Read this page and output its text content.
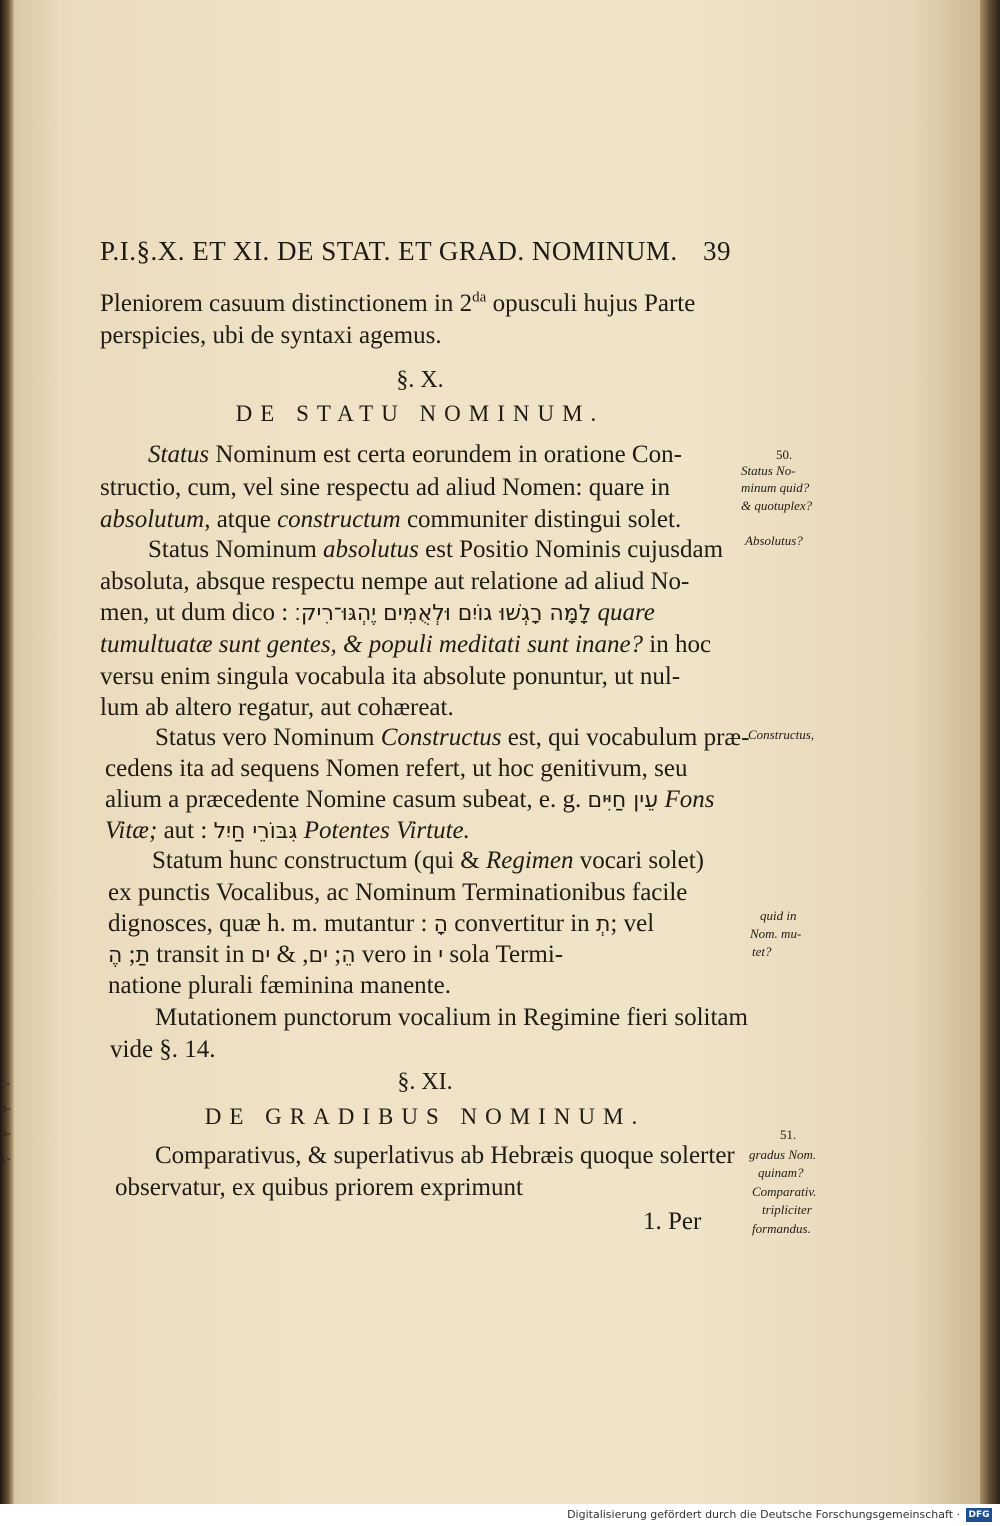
c-
b-
o-
x-
P.I.§.X. ET XI. DE STAT. ET GRAD. NOMINUM. 39
Pleniorem casuum distinctionem in $2^{da}$ opusculi hujus Parte
perspicies, ubi de syntaxi agemus.
§. X.
DE STATU NOMINUM.
Status Nominum est certa eorundem in oratione Con-
structio, cum, vel sine respectu ad aliud Nomen: quare in
absolutum, atque constructum communiter distingui solet.
Status Nominum absolutus est Positio Nominis cujusdam
absoluta, absque respectu nempe aut relatione ad aliud No-
men, ut dum dico : לָמָּה רָגְשׁוּ גוֹיִם וּלְאֻמִּים יֶהְגּוּ־רִיק׃ quare
tumultuatæ sunt gentes, & populi meditati sunt inane? in hoc
versu enim singula vocabula ita absolute ponuntur, ut nul-
lum ab altero regatur, aut cohæreat.
Status vero Nominum Constructus est, qui vocabulum præ-
cedens ita ad sequens Nomen refert, ut hoc genitivum, seu
alium a præcedente Nomine casum subeat, e. g. עֵין חַיִּים Fons
Vitæ; aut : גִּבּוֹרֵי חַיִל Potentes Virtute.
Statum hunc constructum (qui & Regimen vocari solet)
ex punctis Vocalibus, ac Nominum Terminationibus facile
dignosces, quæ h. m. mutantur : הָ convertitur in תְ; vel
תַ; הֶ transit in	הֵ; ים, & ים	vero in י sola Termi-
natione plurali fæminina manente.
Mutationem punctorum vocalium in Regimine fieri solitam
vide §. 14.
§. XI.
DE GRADIBUS NOMINUM.
Comparativus, & superlativus ab Hebræis quoque solerter
observatur, ex quibus priorem exprimunt
1. Per
50.
Status No-
minum quid?
& quotuplex?
Absolutus?
Constructus,
quid in
Nom. mu-
tet?
51.
gradus Nom.
quinam?
Comparativ.
tripliciter
formandus.
Digitalisierung gefördert durch die Deutsche Forschungsgemeinschaft · DFG
